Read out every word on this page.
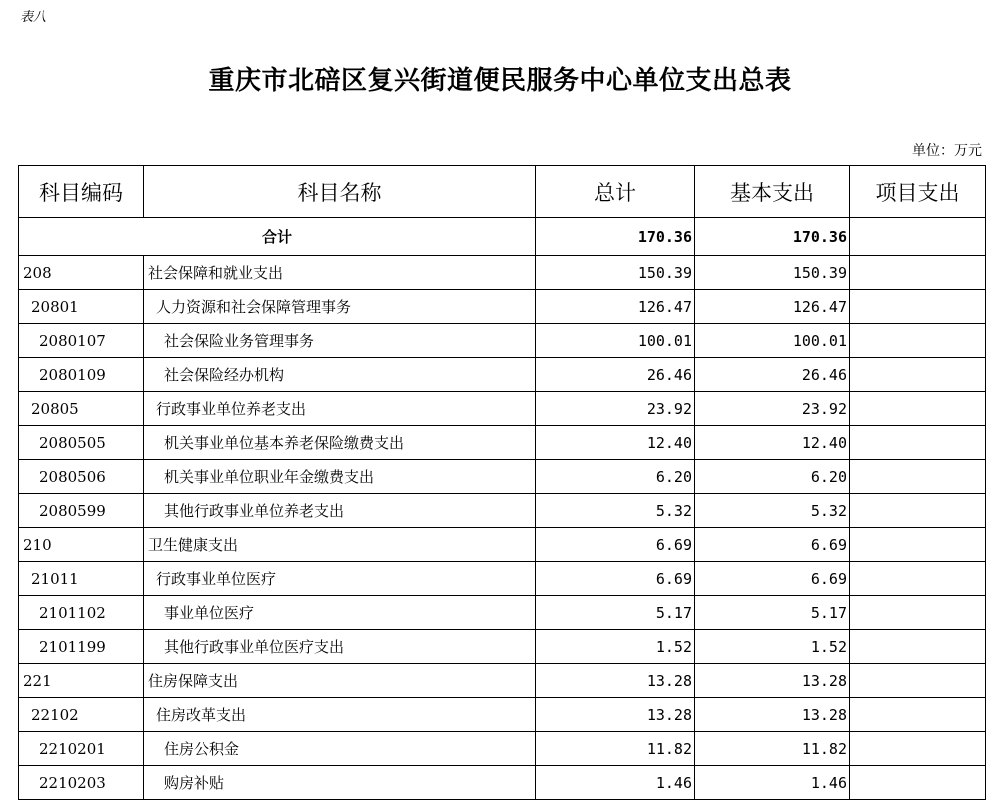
表八
重庆市北碚区复兴街道便民服务中心单位支出总表
单位：万元
科目编码	科目名称	总计	基本支出	项目支出
合计		170.36	170.36	
208	社会保障和就业支出	150.39	150.39	
20801	人力资源和社会保障管理事务	126.47	126.47	
2080107	社会保险业务管理事务	100.01	100.01	
2080109	社会保险经办机构	26.46	26.46	
20805	行政事业单位养老支出	23.92	23.92	
2080505	机关事业单位基本养老保险缴费支出	12.40	12.40	
2080506	机关事业单位职业年金缴费支出	6.20	6.20	
2080599	其他行政事业单位养老支出	5.32	5.32	
210	卫生健康支出	6.69	6.69	
21011	行政事业单位医疗	6.69	6.69	
2101102	事业单位医疗	5.17	5.17	
2101199	其他行政事业单位医疗支出	1.52	1.52	
221	住房保障支出	13.28	13.28	
22102	住房改革支出	13.28	13.28	
2210201	住房公积金	11.82	11.82	
2210203	购房补贴	1.46	1.46	
